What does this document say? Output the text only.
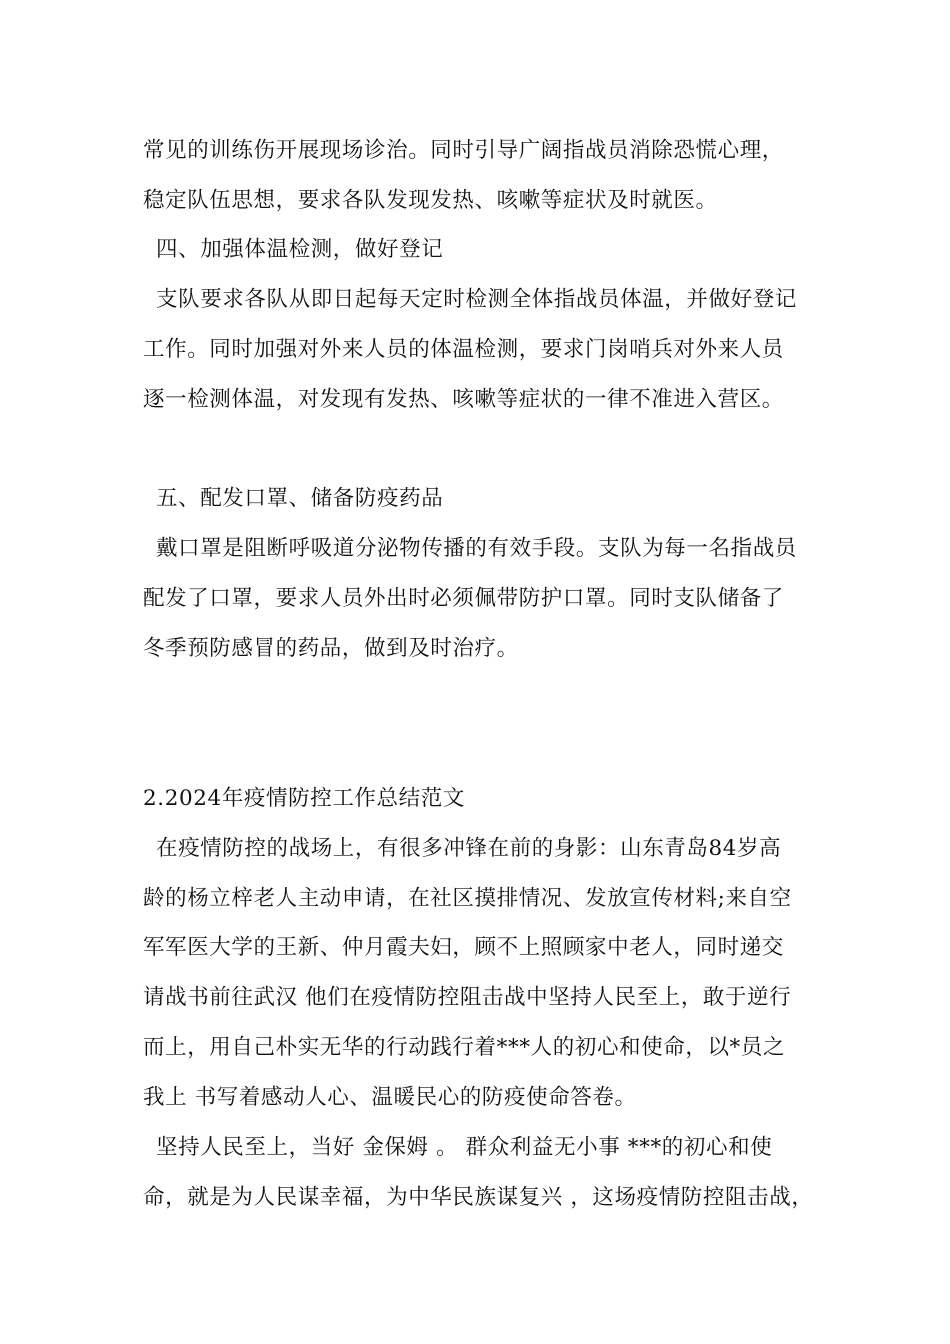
常见的训练伤开展现场诊治。同时引导广阔指战员消除恐慌心理，
稳定队伍思想，要求各队发现发热、咳嗽等症状及时就医。
四、加强体温检测，做好登记
支队要求各队从即日起每天定时检测全体指战员体温，并做好登记
工作。同时加强对外来人员的体温检测，要求门岗哨兵对外来人员
逐一检测体温，对发现有发热、咳嗽等症状的一律不准进入营区。
五、配发口罩、储备防疫药品
戴口罩是阻断呼吸道分泌物传播的有效手段。支队为每一名指战员
配发了口罩，要求人员外出时必须佩带防护口罩。同时支队储备了
冬季预防感冒的药品，做到及时治疗。
2.2024年疫情防控工作总结范文
在疫情防控的战场上，有很多冲锋在前的身影：山东青岛84岁高
龄的杨立梓老人主动申请，在社区摸排情况、发放宣传材料;来自空
军军医大学的王新、仲月霞夫妇，顾不上照顾家中老人，同时递交
请战书前往武汉 他们在疫情防控阻击战中坚持人民至上，敢于逆行
而上，用自己朴实无华的行动践行着***人的初心和使命，以*员之
我上 书写着感动人心、温暖民心的防疫使命答卷。
坚持人民至上，当好 金保姆 。 群众利益无小事 ***的初心和使
命，就是为人民谋幸福，为中华民族谋复兴 ，这场疫情防控阻击战，
